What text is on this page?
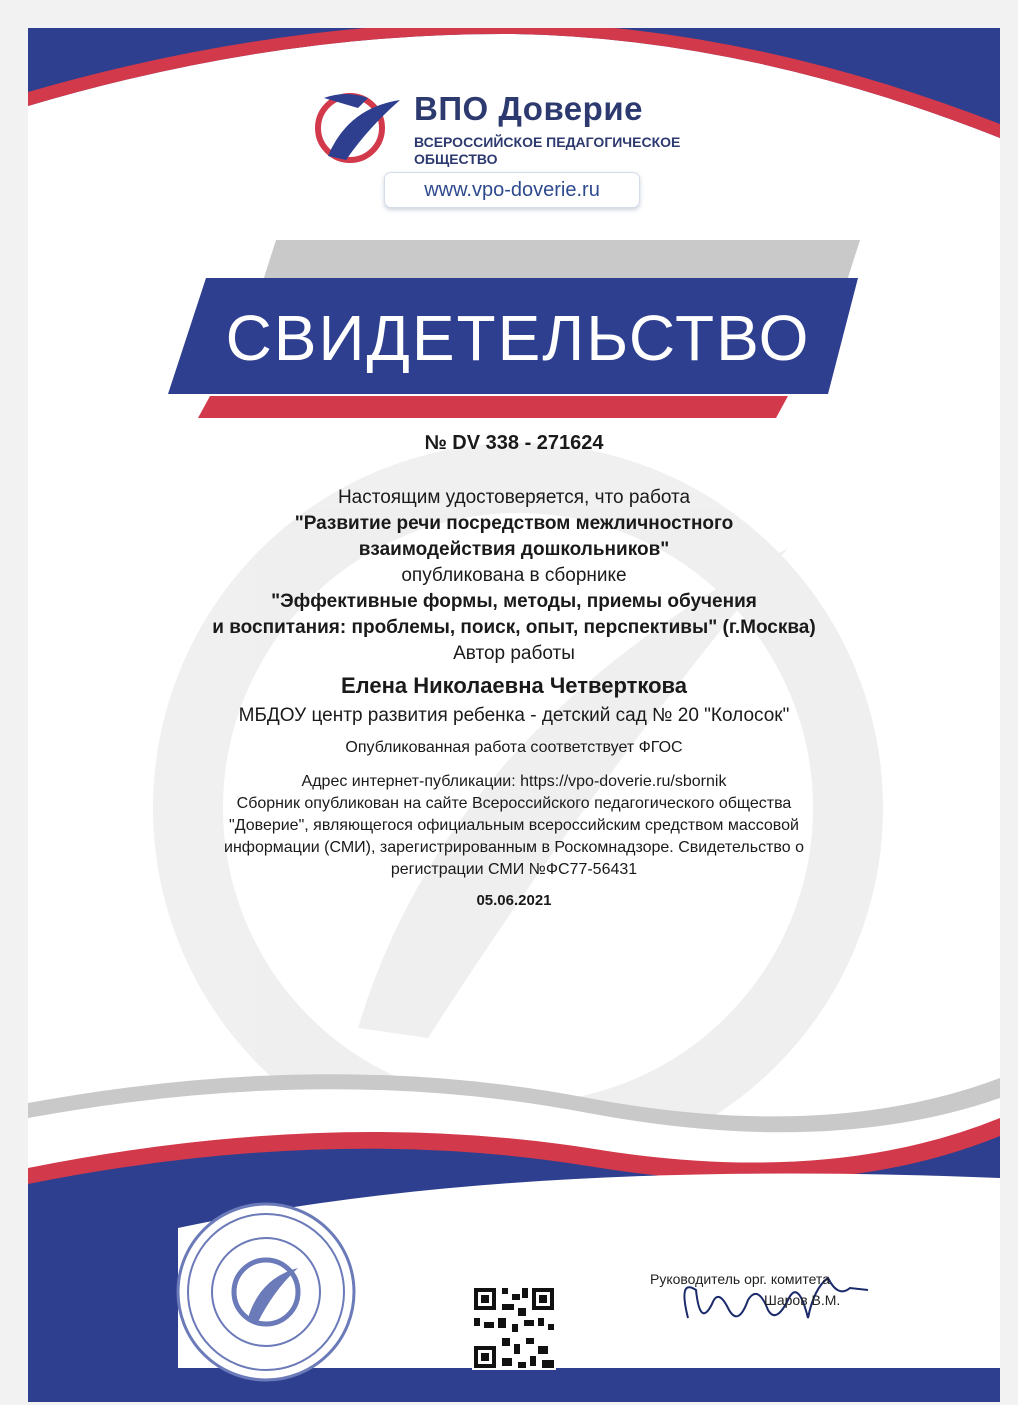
ВПО Доверие
ВСЕРОССИЙСКОЕ ПЕДАГОГИЧЕСКОЕ
ОБЩЕСТВО
www.vpo-doverie.ru
СВИДЕТЕЛЬСТВО
№ DV 338 - 271624
Настоящим удостоверяется, что работа
"Развитие речи посредством межличностного
взаимодействия дошкольников"
опубликована в сборнике
"Эффективные формы, методы, приемы обучения
и воспитания: проблемы, поиск, опыт, перспективы" (г.Москва)
Автор работы
Елена Николаевна Четверткова
МБДОУ центр развития ребенка - детский сад № 20 "Колосок"
Опубликованная работа соответствует ФГОС
Адрес интернет-публикации: https://vpo-doverie.ru/sbornik
Сборник опубликован на сайте Всероссийского педагогического общества
"Доверие", являющегося официальным всероссийским средством массовой
информации (СМИ), зарегистрированным в Роскомнадзоре. Свидетельство о
регистрации СМИ №ФС77-56431
05.06.2021
Руководитель орг. комитета
Шаров В.М.
